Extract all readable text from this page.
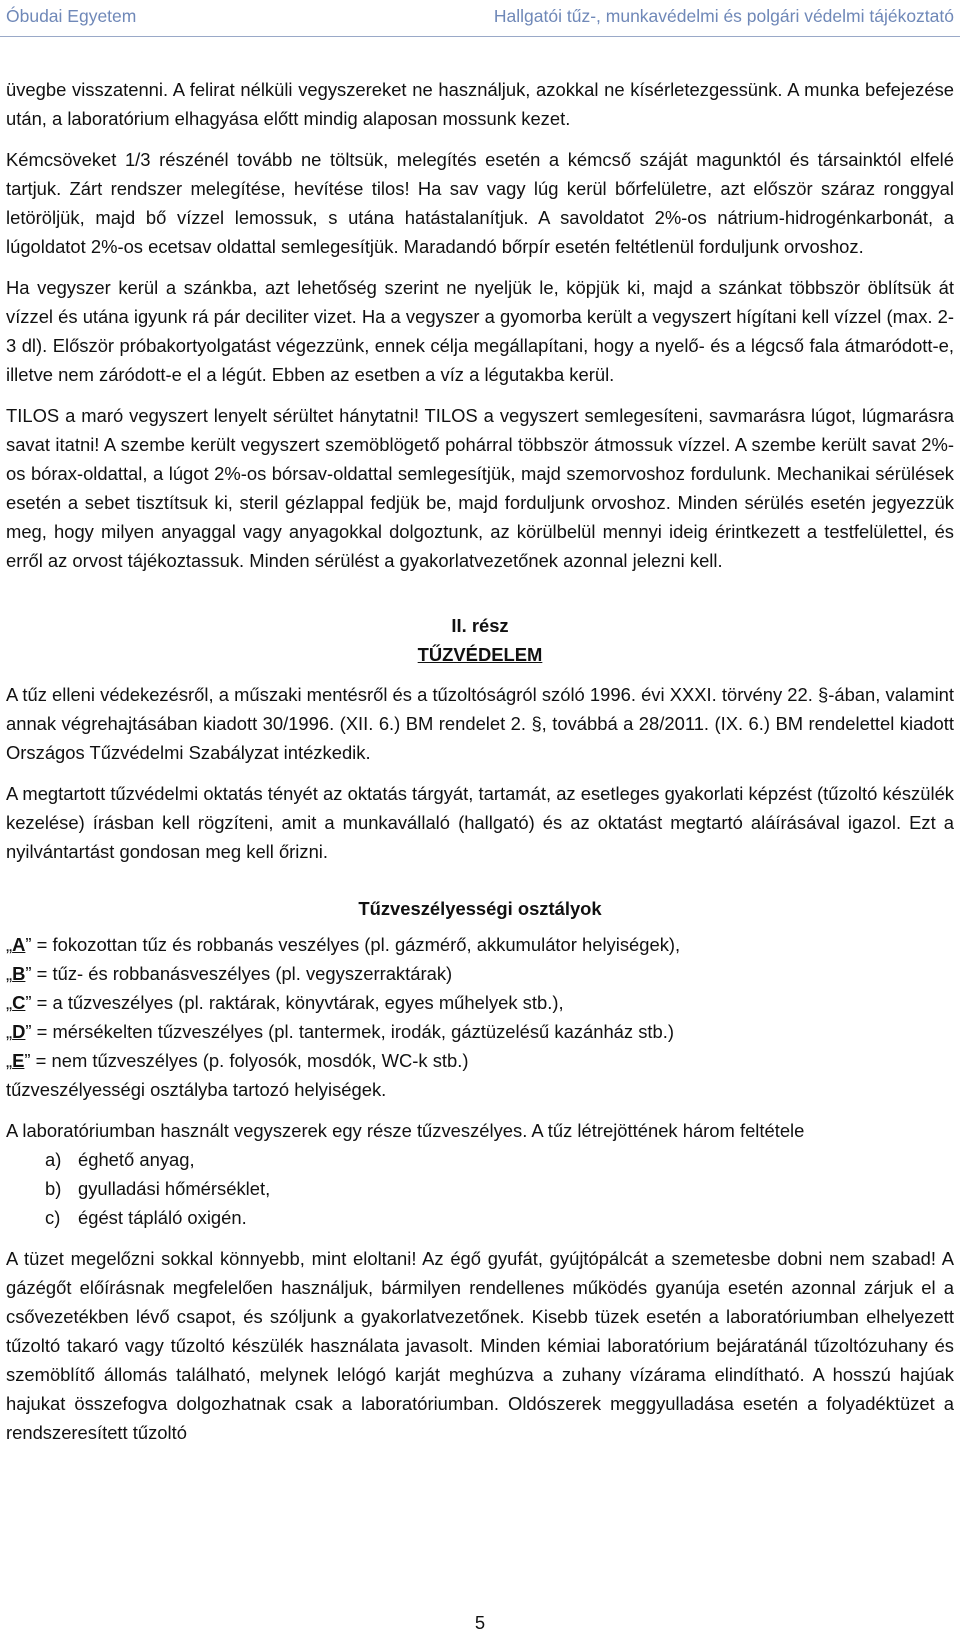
Óbudai Egyetem	Hallgatói tűz-, munkavédelmi és polgári védelmi tájékoztató

üvegbe visszatenni. A felirat nélküli vegyszereket ne használjuk, azokkal ne kísérletezgessünk. A munka befejezése után, a laboratórium elhagyása előtt mindig alaposan mossunk kezet.

Kémcsöveket 1/3 részénél tovább ne töltsük, melegítés esetén a kémcső száját magunktól és társainktól elfelé tartjuk. Zárt rendszer melegítése, hevítése tilos! Ha sav vagy lúg kerül bőrfelületre, azt először száraz ronggyal letöröljük, majd bő vízzel lemossuk, s utána hatástalanítjuk. A savoldatot 2%-os nátrium-hidrogénkarbonát, a lúgoldatot 2%-os ecetsav oldattal semlegesítjük. Maradandó bőrpír esetén feltétlenül forduljunk orvoshoz.

Ha vegyszer kerül a szánkba, azt lehetőség szerint ne nyeljük le, köpjük ki, majd a szánkat többször öblítsük át vízzel és utána igyunk rá pár deciliter vizet. Ha a vegyszer a gyomorba került a vegyszert hígítani kell vízzel (max. 2-3 dl). Először próbakortyolgatást végezzünk, ennek célja megállapítani, hogy a nyelő- és a légcső fala átmaródott-e, illetve nem záródott-e el a légút. Ebben az esetben a víz a légutakba kerül.

TILOS a maró vegyszert lenyelt sérültet hánytatni! TILOS a vegyszert semlegesíteni, savmarásra lúgot, lúgmarásra savat itatni! A szembe került vegyszert szemöblögető pohárral többször átmossuk vízzel. A szembe került savat 2%-os bórax-oldattal, a lúgot 2%-os bórsav-oldattal semlegesítjük, majd szemorvoshoz fordulunk. Mechanikai sérülések esetén a sebet tisztítsuk ki, steril gézlappal fedjük be, majd forduljunk orvoshoz. Minden sérülés esetén jegyezzük meg, hogy milyen anyaggal vagy anyagokkal dolgoztunk, az körülbelül mennyi ideig érintkezett a testfelülettel, és erről az orvost tájékoztassuk. Minden sérülést a gyakorlatvezetőnek azonnal jelezni kell.

II. rész
TŰZVÉDELEM

A tűz elleni védekezésről, a műszaki mentésről és a tűzoltóságról szóló 1996. évi XXXI. törvény 22. §-ában, valamint annak végrehajtásában kiadott 30/1996. (XII. 6.) BM rendelet 2. §, továbbá a 28/2011. (IX. 6.) BM rendelettel kiadott Országos Tűzvédelmi Szabályzat intézkedik.

A megtartott tűzvédelmi oktatás tényét az oktatás tárgyát, tartamát, az esetleges gyakorlati képzést (tűzoltó készülék kezelése) írásban kell rögzíteni, amit a munkavállaló (hallgató) és az oktatást megtartó aláírásával igazol. Ezt a nyilvántartást gondosan meg kell őrizni.

Tűzveszélyességi osztályok
„A” = fokozottan tűz és robbanás veszélyes (pl. gázmérő, akkumulátor helyiségek),
„B” = tűz- és robbanásveszélyes (pl. vegyszerraktárak)
„C” = a tűzveszélyes (pl. raktárak, könyvtárak, egyes műhelyek stb.),
„D” = mérsékelten tűzveszélyes (pl. tantermek, irodák, gáztüzelésű kazánház stb.)
„E” = nem tűzveszélyes (p. folyosók, mosdók, WC-k stb.)
tűzveszélyességi osztályba tartozó helyiségek.
A laboratóriumban használt vegyszerek egy része tűzveszélyes. A tűz létrejöttének három feltétele
a) éghető anyag,
b) gyulladási hőmérséklet,
c) égést tápláló oxigén.

A tüzet megelőzni sokkal könnyebb, mint eloltani! Az égő gyufát, gyújtópálcát a szemetesbe dobni nem szabad! A gázégőt előírásnak megfelelően használjuk, bármilyen rendellenes működés gyanúja esetén azonnal zárjuk el a csővezetékben lévő csapot, és szóljunk a gyakorlatvezetőnek. Kisebb tüzek esetén a laboratóriumban elhelyezett tűzoltó takaró vagy tűzoltó készülék használata javasolt. Minden kémiai laboratórium bejáratánál tűzoltózuhany és szemöblítő állomás található, melynek lelógó karját meghúzva a zuhany vízárama elindítható. A hosszú hajúak hajukat összefogva dolgozhatnak csak a laboratóriumban. Oldószerek meggyulladása esetén a folyadéktüzet a rendszeresített tűzoltó

5
